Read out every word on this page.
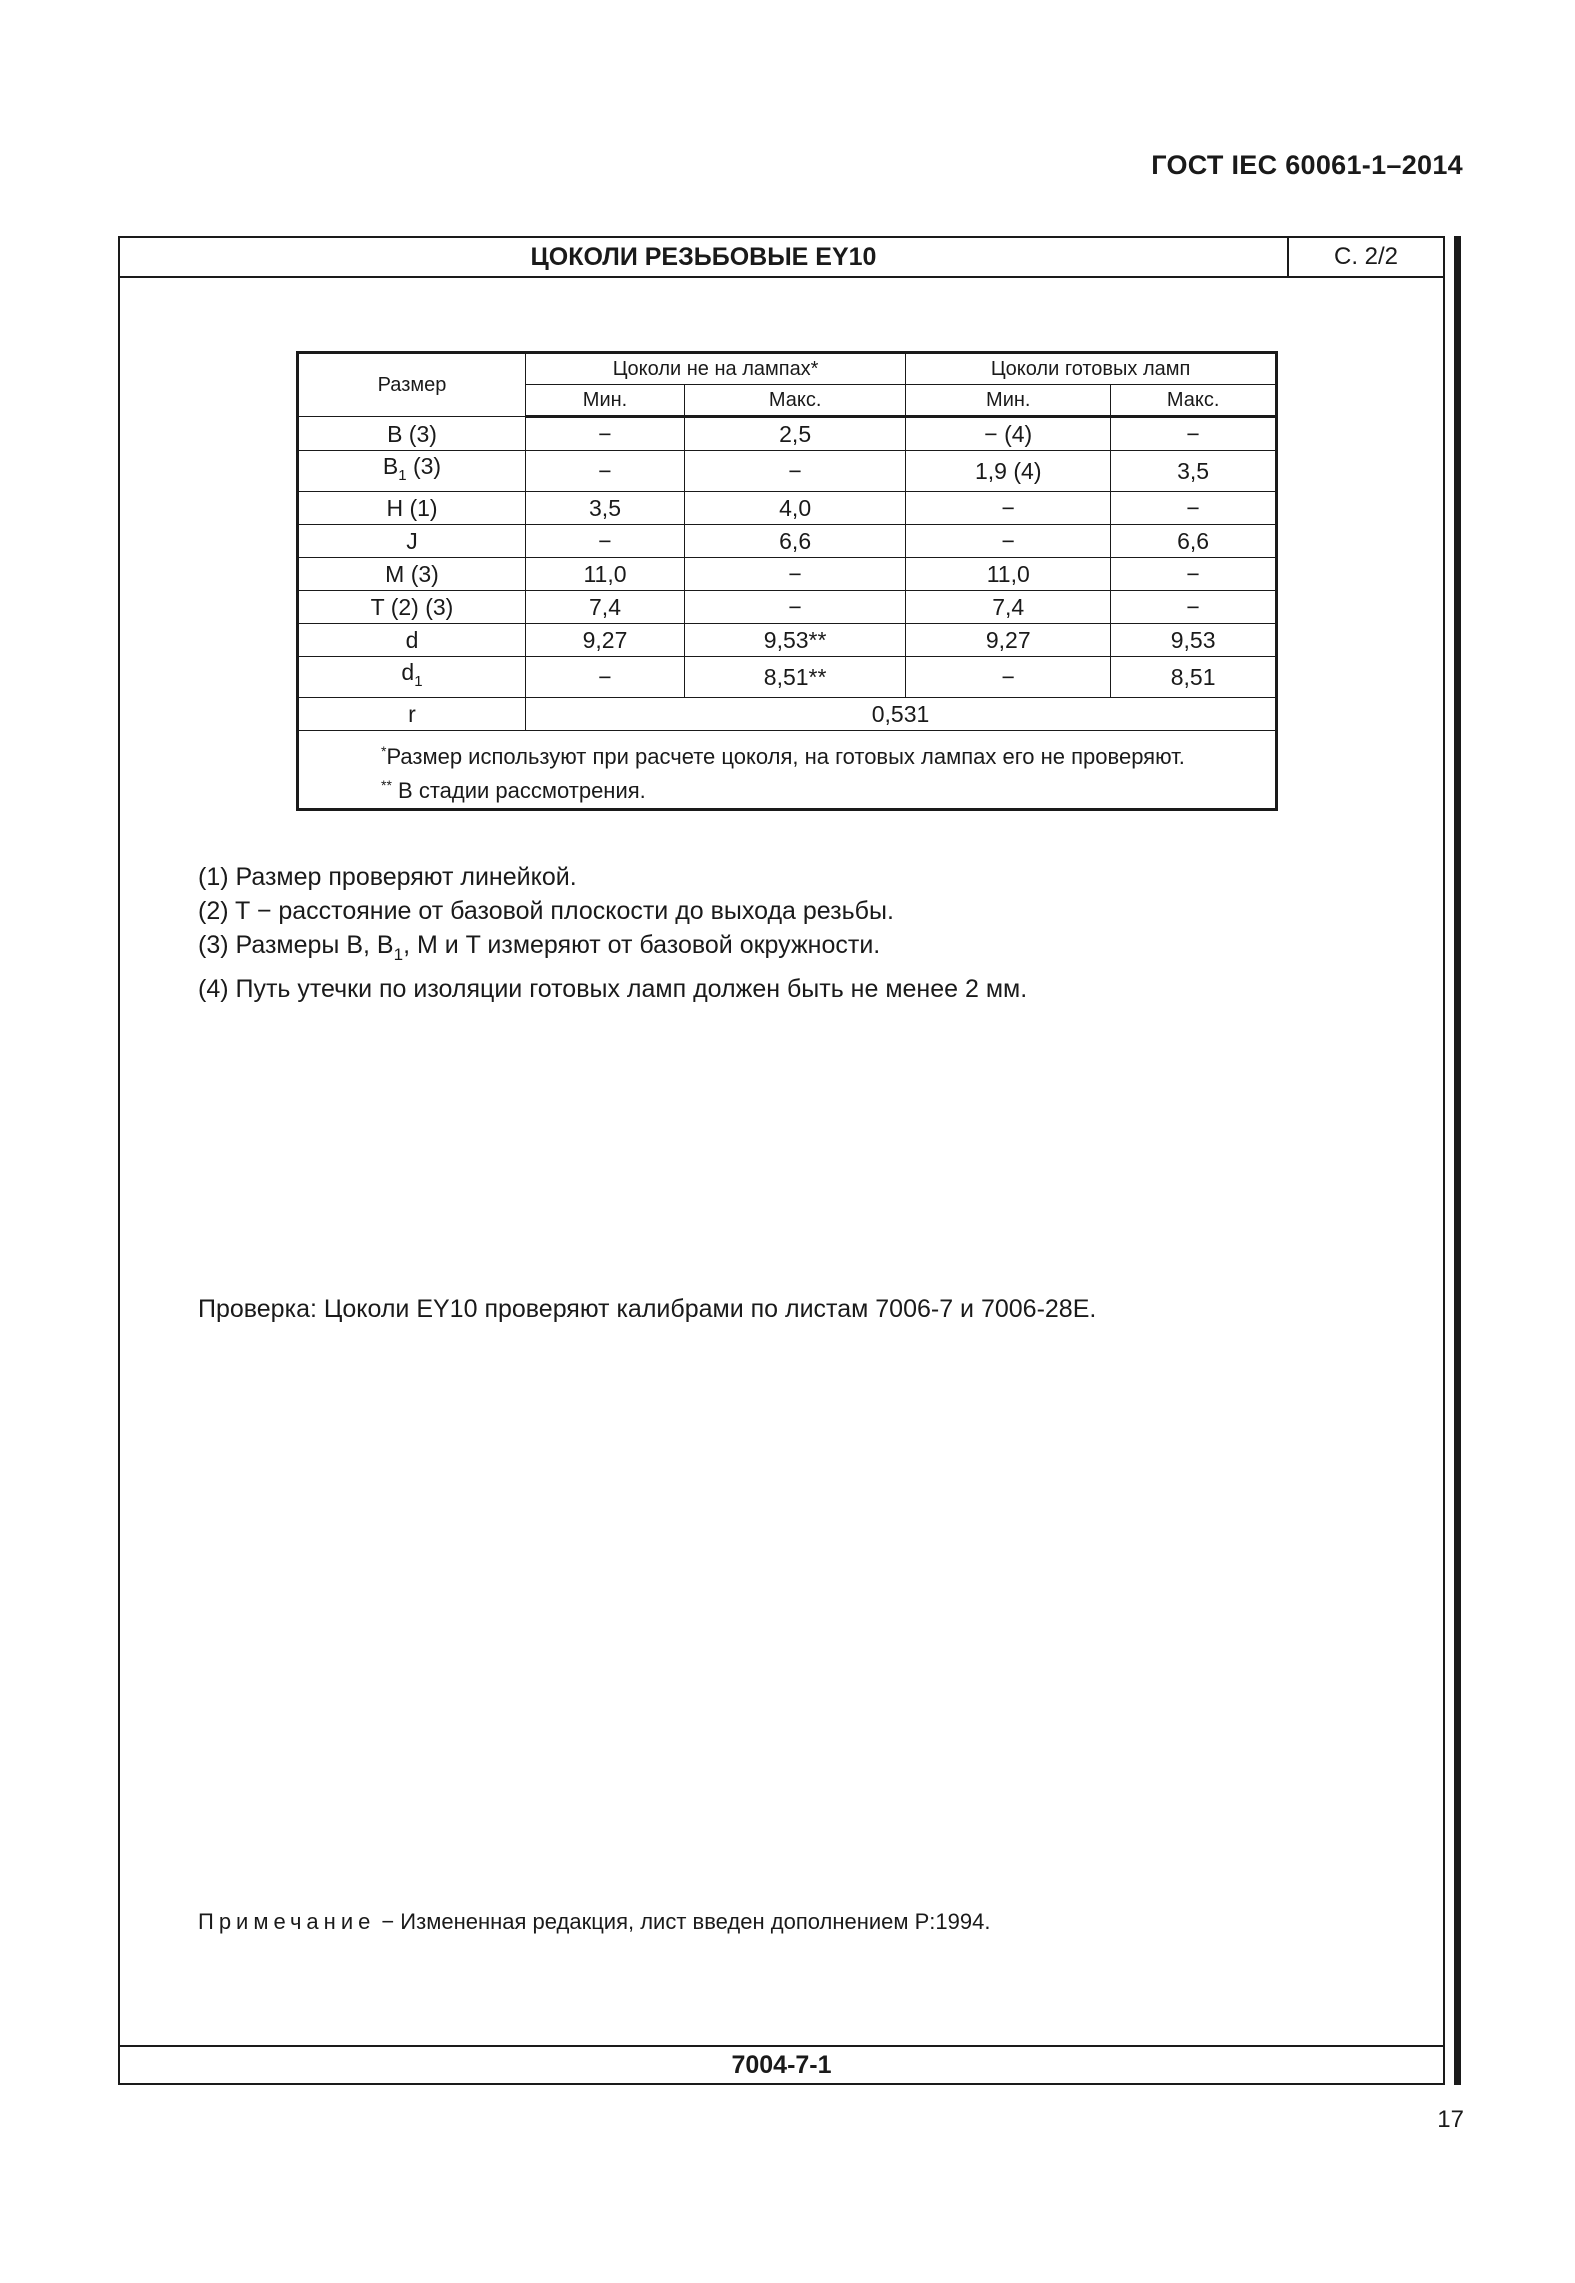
ГОСТ IEC 60061-1–2014
ЦОКОЛИ РЕЗЬБОВЫЕ EY10	С. 2/2
Размер	Цоколи не на лампах*		Цоколи готовых ламп	
	Мин.	Макс.	Мин.	Макс.
B (3)	−	2,5	− (4)	−
$B_1$ (3)	−	−	1,9 (4)	3,5
H (1)	3,5	4,0	−	−
J	−	6,6	−	6,6
M (3)	11,0	−	11,0	−
T (2) (3)	7,4	−	7,4	−
d	9,27	9,53**	9,27	9,53
$d_1$	−	8,51**	−	8,51
r	0,531			

*Размер используют при расчете цоколя, на готовых лампах его не проверяют.
** В стадии рассмотрения.				
7004-7-1
(1) Размер проверяют линейкой.
(2) T − расстояние от базовой плоскости до выхода резьбы.
(3) Размеры B, $B_1$, M и T измеряют от базовой окружности.
(4) Путь утечки по изоляции готовых ламп должен быть не менее 2 мм.
Проверка: Цоколи EY10 проверяют калибрами по листам 7006-7 и 7006-28E.
Примечание − Измененная редакция, лист введен дополнением P:1994.
17
